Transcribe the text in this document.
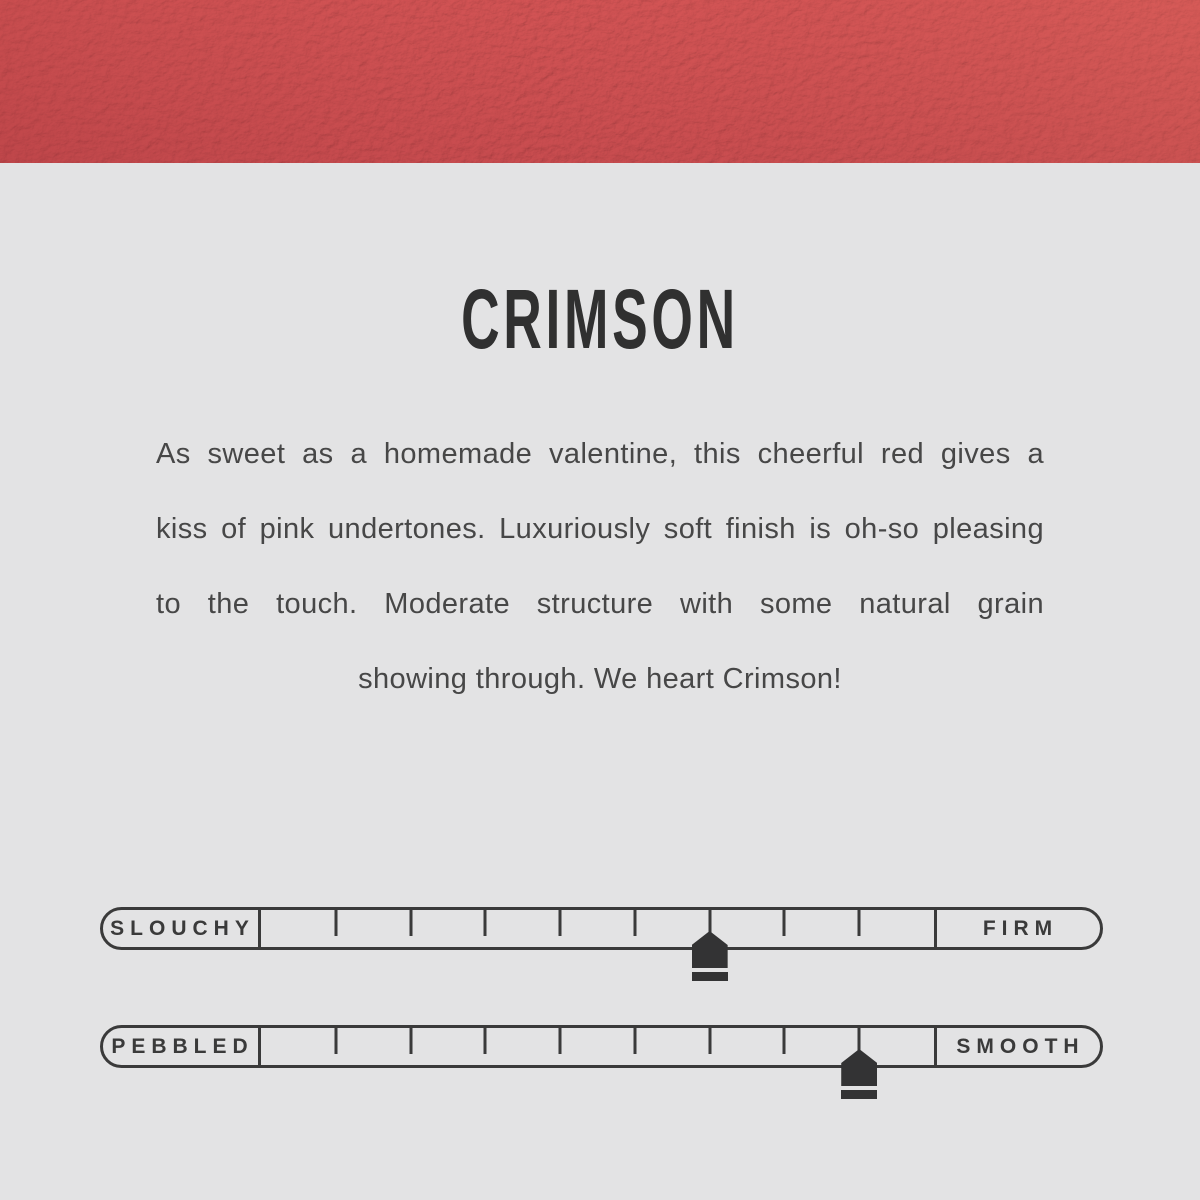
CRIMSON
As sweet as a homemade valentine, this cheerful red gives a
kiss of pink undertones. Luxuriously soft finish is oh-so pleasing
to the touch. Moderate structure with some natural grain
showing through. We heart Crimson!
SLOUCHY	FIRM
PEBBLED	SMOOTH
